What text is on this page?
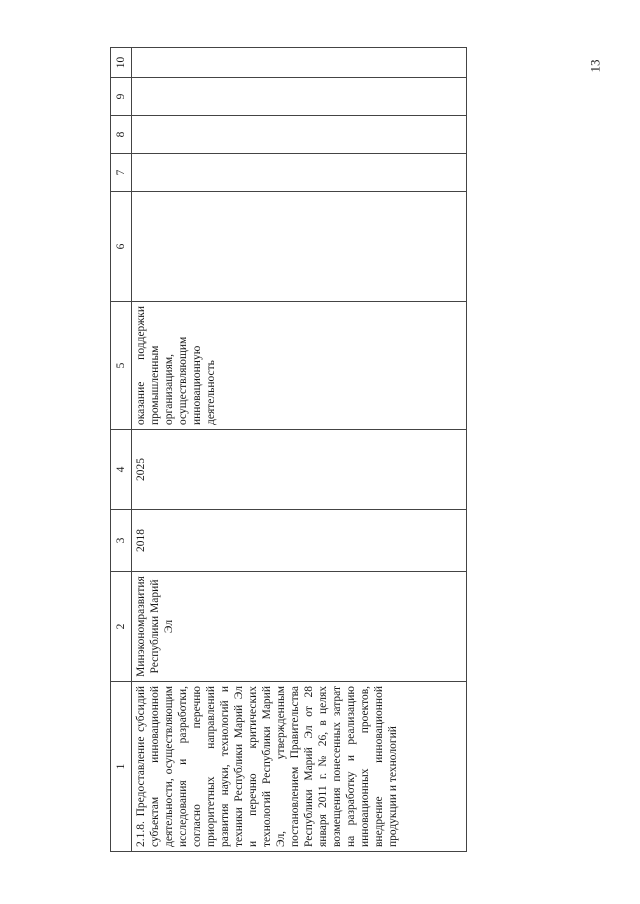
13
1	2	3	4	5	6	7	8	9	10
2.1.8. Предоставление субсидий субъектам инновационной деятельности, осуществляющим исследования и разработки, согласно перечню приоритетных направлений развития науки, технологий и техники Республики Марий Эл и перечню критических технологий Республики Марий Эл, утвержденным постановлением Правительства Республики Марий Эл от 28 января 2011 г. № 26, в целях возмещения понесенных затрат на разработку и реализацию инновационных проектов, внедрение инновационной продукции и технологий	Минэкономразвития Республики Марий Эл	2018	2025	оказание поддержки промышленным организациям, осуществляющим инновационную деятельность					
